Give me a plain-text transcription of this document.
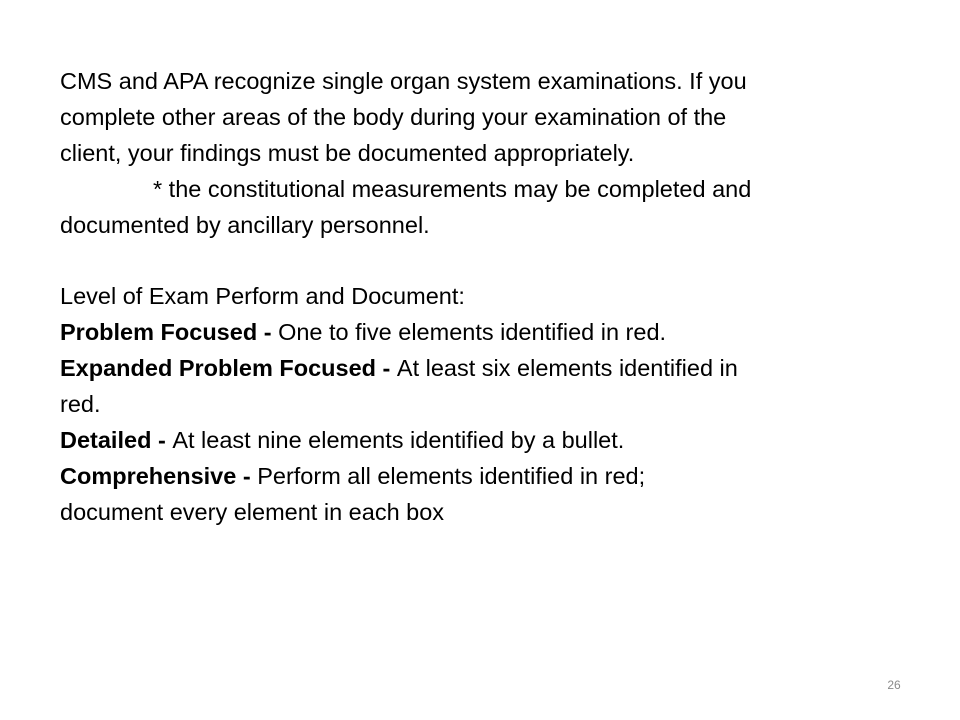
CMS and APA recognize single organ system examinations. If you
complete other areas of the body during your examination of the
client, your findings must be documented appropriately.
* the constitutional measurements may be completed and
documented by ancillary personnel.
Level of Exam Perform and Document:
Problem Focused - One to five elements identified in red.
Expanded Problem Focused - At least six elements identified in
red.
Detailed - At least nine elements identified by a bullet.
Comprehensive - Perform all elements identified in red;
document every element in each box
26
